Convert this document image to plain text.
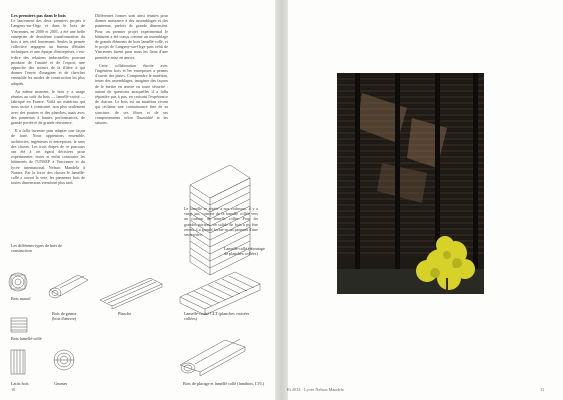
Les premiers pas dans le bois

Le lancement des deux premiers projets à Langeny-sur-Orge et dans le bois de Vincennes, en 2000 et 2001, a été une belle entreprise de deuxième transformation du bois à très réel lancement. Seules la pensée collective engagent un bureau d'études techniques et une équipe d'entreprises, c'est-à-dire des relations industrielles pouvant produire de l'amitié et de l'espoir, une approche des acteurs de la filière à qui donner l'envie d'imaginer et de chercher ensemble les modes de construction les plus adaptés.

Au même moment, le bois y a usage réunies au coût du bois — lamellé-croisé — fabriqué en France. Voilà un matériau qui nous incite à construire, non plus seulement avec des poutres et des planches, mais avec des panneaux à hautes performances, de grande portée et de grande résistance.

Il a fallu inventer puis adapter une façon de faire. Nous apprenions ensemble, architectes, ingénieurs et entreprises, le sens des choses. Les trois étapes de ce parcours ont été à cet égard décisives pour expérimenter, tester et enfin construire les bâtiments de l'UNSEP à Vincennes et du lycée international Nelson Mandela à Nantes. Par la force des choses le lamellé-collé a ouvert la voie, les panneaux bois de toutes dimensions viendront plus tard.

Différentes formes sont ainsi réunies pour donner naissance à des assemblages et des panneaux, parfois de grande dimension. Pour un premier projet expérimental le bâtiment a été conçu comme un assemblage de grands éléments de bois lamellé-collé, et le projet de Langeny-sur-Orge puis celui de Vincennes furent pour nous les lieux d'une première mise en œuvre.

Cette collaboration étroite avec l'ingénieur bois et les entreprises a permis d'ouvrir des pistes. Comprendre le matériau, tester des assemblages, imaginer des façons de le mettre en œuvre en toute sécurité : autant de questions auxquelles il a fallu répondre pas à pas, en croisant l'expérience de chacun. Le bois est un matériau vivant qui réclame une connaissance fine de sa structure, de ses fibres et de ses comportements selon l'humidité et les saisons.

Le lamellé se répète à nos corbeaux, il y a vingt ans, comme de la lamelle collée vers un contour de lamelle collée. Pour les grandes portées, un solide de bois a pu être retenu. La grande forme en un panneau d'une seule pièce.

Les différents types de bois de construction
Bois massif
Bois de grume (bois d'œuvre)
Planche
Lamellé-collé (aboutage de planches collées)
Bois lamellé-collé
Lamellé-croisé CLT (planches croisées collées)
Lattis bois	Grumes	Bois de placage et lamellé collé (lamibois, LVL)
10	Et 2014 · Lycée Nelson Mandela	11
